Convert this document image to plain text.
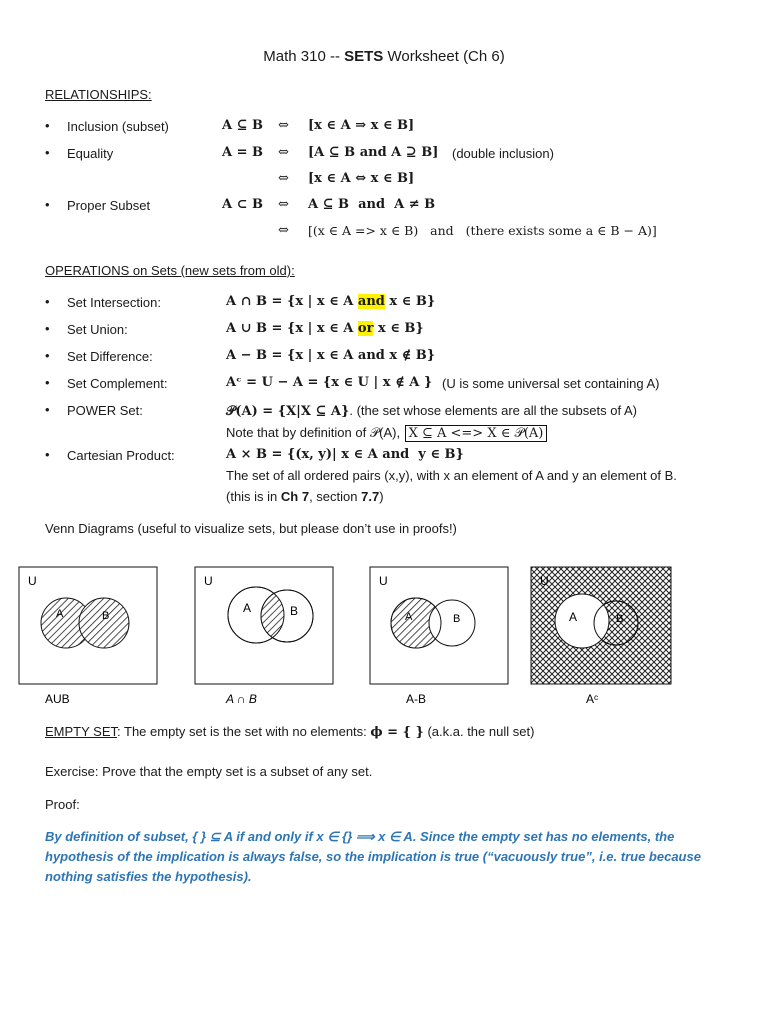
Math 310 -- SETS Worksheet (Ch 6)
RELATIONSHIPS:
• Inclusion (subset)	A ⊆ B ⇔ [x ∈ A ⇒ x ∈ B]
• Equality	A = B ⇔ [A ⊆ B and A ⊇ B] (double inclusion)
⇔ [x ∈ A ⇔ x ∈ B]
• Proper Subset	A ⊂ B ⇔ A ⊆ B  and  A ≠ B
⇔ [(x ∈ A => x ∈ B)   and   (there exists some a ∈ B − A)]
OPERATIONS on Sets (new sets from old):
• Set Intersection:	A ∩ B = {x | x ∈ A and x ∈ B}
• Set Union:	A ∪ B = {x | x ∈ A or x ∈ B}
• Set Difference:	A − B = {x | x ∈ A and x ∉ B}
• Set Complement:	Aᶜ = U − A = {x ∈ U | x ∉ A } (U is some universal set containing A)
• POWER Set:	𝒫(A) = {X|X ⊆ A}. (the set whose elements are all the subsets of A)
Note that by definition of 𝒫(A), X ⊆ A <=> X ∈ 𝒫(A)
• Cartesian Product:	A × B = {(x, y)| x ∈ A and  y ∈ B}
The set of all ordered pairs (x,y), with x an element of A and y an element of B.
(this is in Ch 7, section 7.7)
Venn Diagrams (useful to visualize sets, but please don’t use in proofs!)
U
A	B
U
A	B
U
A	B
U
A	B
AUB	A ∩ B	A-B	Aᶜ
EMPTY SET: The empty set is the set with no elements: ϕ = { } (a.k.a. the null set)
Exercise: Prove that the empty set is a subset of any set.
Proof:
By definition of subset, { } ⊆ A if and only if x ∈ {} ⟹ x ∈ A. Since the empty set has no elements, the hypothesis of the implication is always false, so the implication is true (“vacuously true”, i.e. true because nothing satisfies the hypothesis).
